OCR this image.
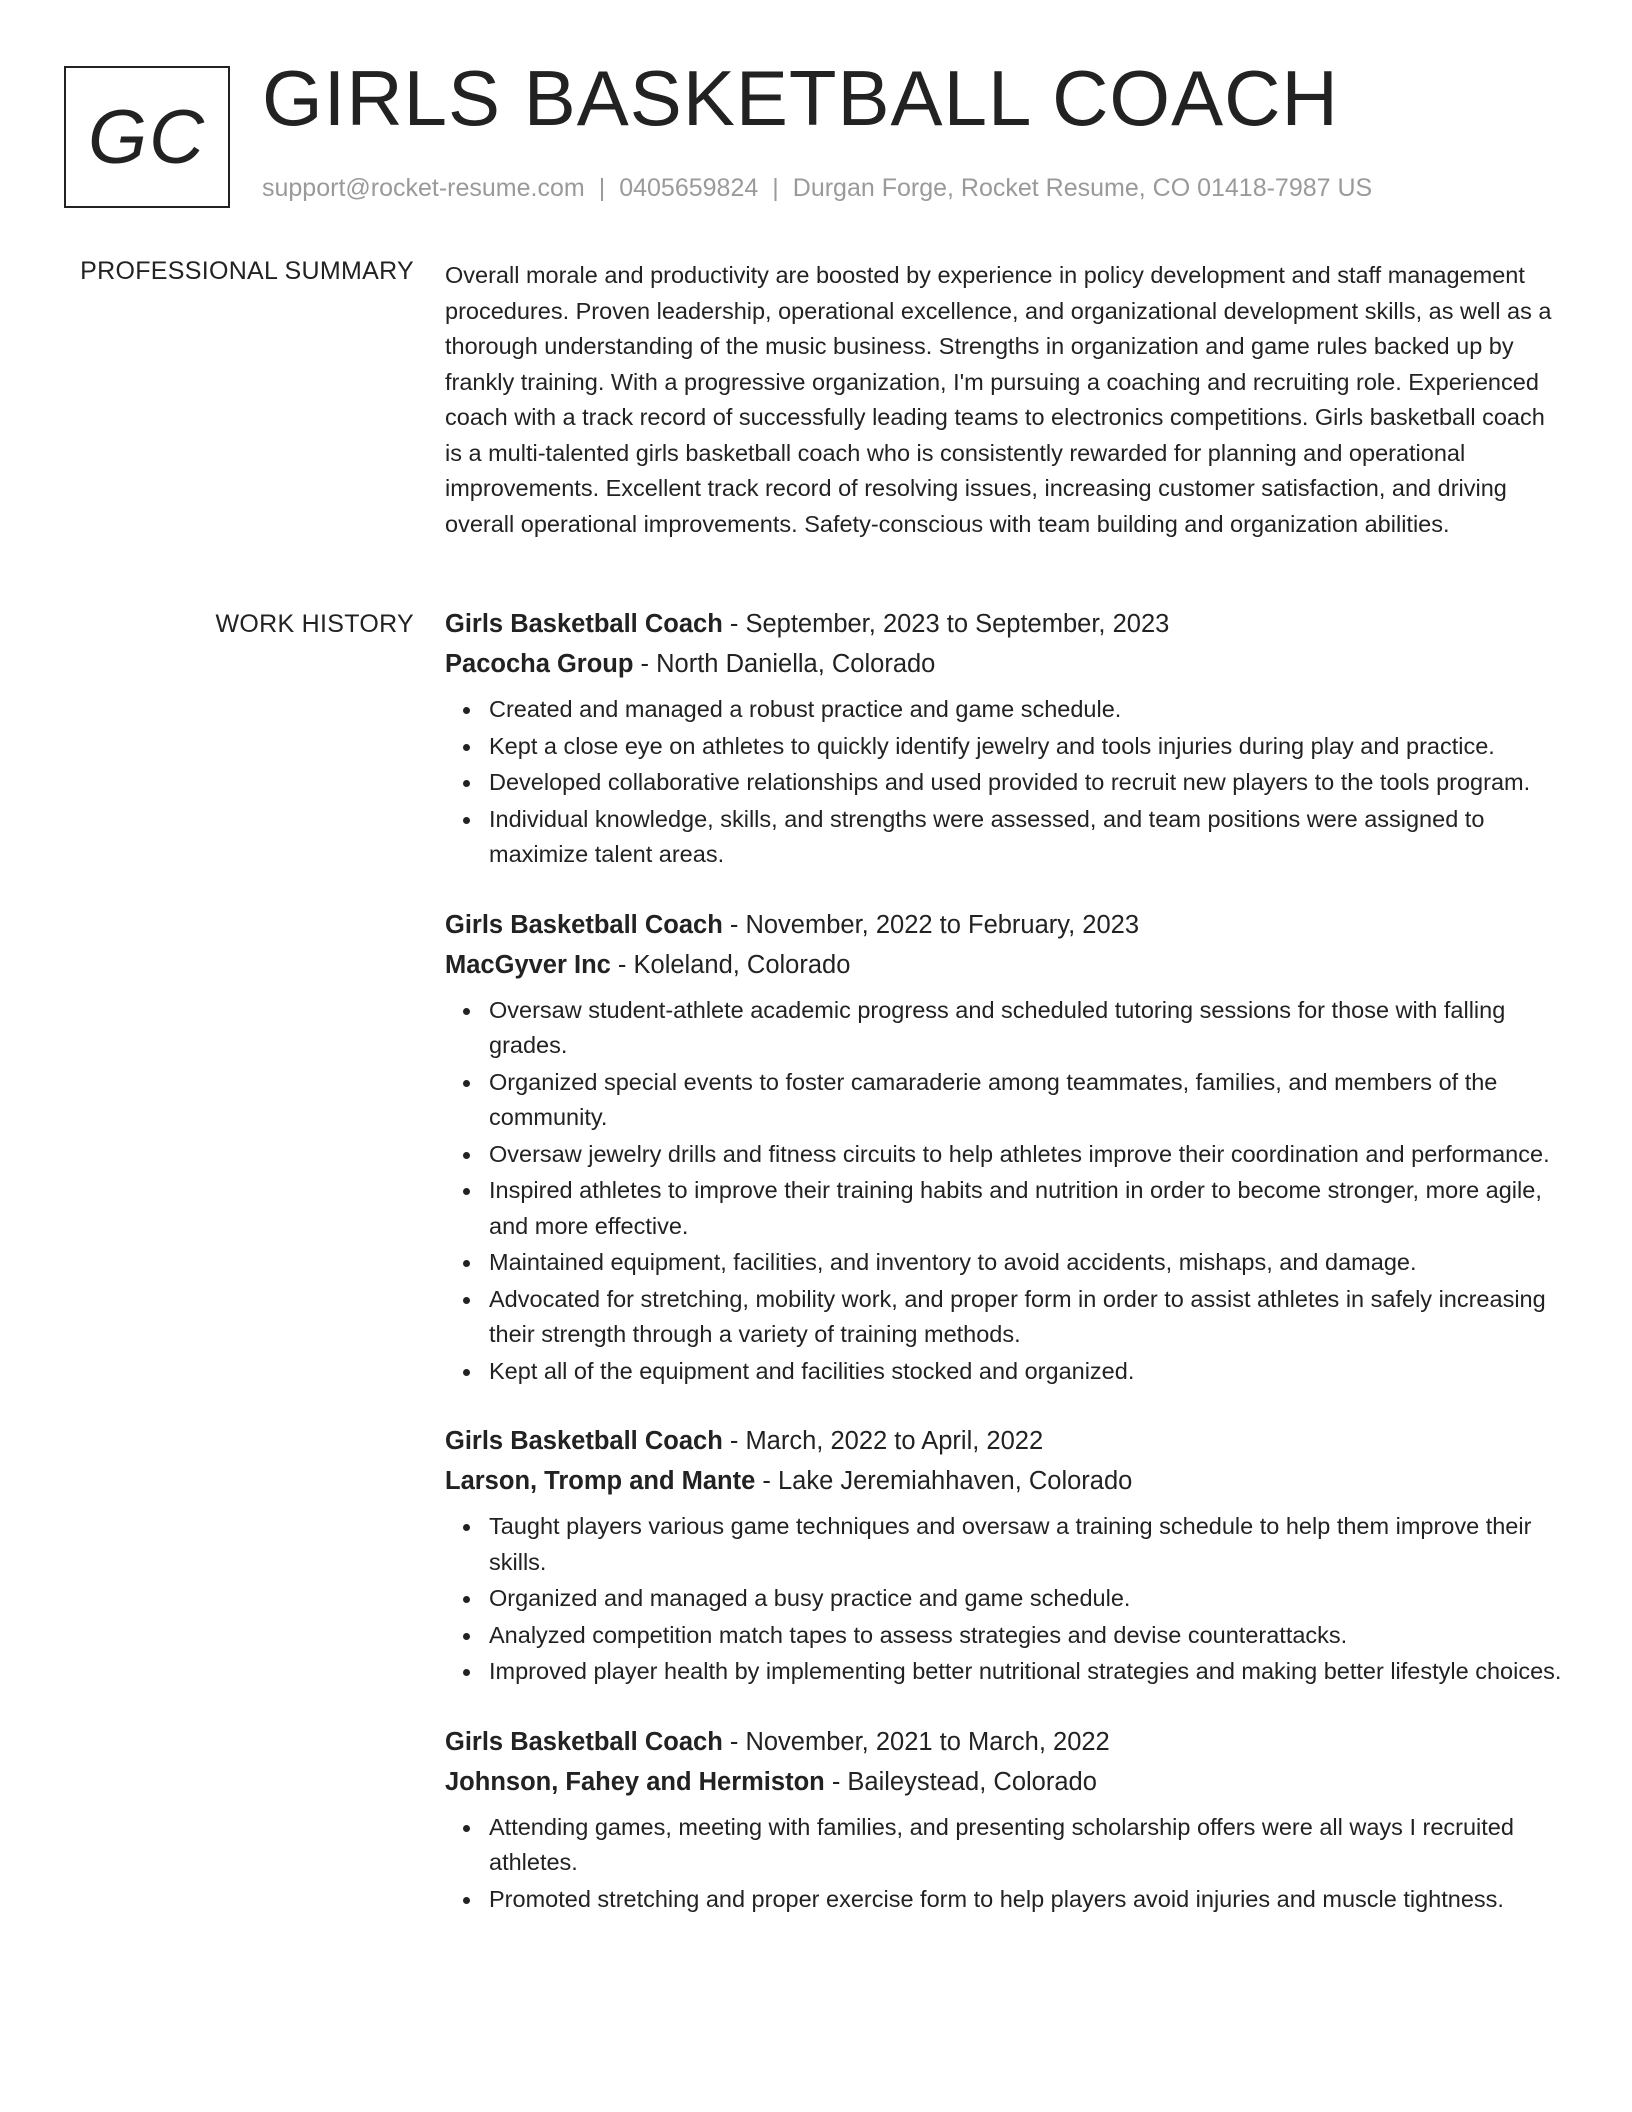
GC GIRLS BASKETBALL COACH
support@rocket-resume.com | 0405659824 | Durgan Forge, Rocket Resume, CO 01418-7987 US
PROFESSIONAL SUMMARY Overall morale and productivity are boosted by experience in policy development and staff management procedures. Proven leadership, operational excellence, and organizational development skills, as well as a thorough understanding of the music business. Strengths in organization and game rules backed up by frankly training. With a progressive organization, I'm pursuing a coaching and recruiting role. Experienced coach with a track record of successfully leading teams to electronics competitions. Girls basketball coach is a multi-talented girls basketball coach who is consistently rewarded for planning and operational improvements. Excellent track record of resolving issues, increasing customer satisfaction, and driving overall operational improvements. Safety-conscious with team building and organization abilities.

WORK HISTORY Girls Basketball Coach - September, 2023 to September, 2023
Pacocha Group - North Daniella, Colorado
Created and managed a robust practice and game schedule.
Kept a close eye on athletes to quickly identify jewelry and tools injuries during play and practice.
Developed collaborative relationships and used provided to recruit new players to the tools program.
Individual knowledge, skills, and strengths were assessed, and team positions were assigned to maximize talent areas.
Girls Basketball Coach - November, 2022 to February, 2023
MacGyver Inc - Koleland, Colorado
Oversaw student-athlete academic progress and scheduled tutoring sessions for those with falling grades.
Organized special events to foster camaraderie among teammates, families, and members of the community.
Oversaw jewelry drills and fitness circuits to help athletes improve their coordination and performance.
Inspired athletes to improve their training habits and nutrition in order to become stronger, more agile, and more effective.
Maintained equipment, facilities, and inventory to avoid accidents, mishaps, and damage.
Advocated for stretching, mobility work, and proper form in order to assist athletes in safely increasing their strength through a variety of training methods.
Kept all of the equipment and facilities stocked and organized.
Girls Basketball Coach - March, 2022 to April, 2022
Larson, Tromp and Mante - Lake Jeremiahhaven, Colorado
Taught players various game techniques and oversaw a training schedule to help them improve their skills.
Organized and managed a busy practice and game schedule.
Analyzed competition match tapes to assess strategies and devise counterattacks.
Improved player health by implementing better nutritional strategies and making better lifestyle choices.
Girls Basketball Coach - November, 2021 to March, 2022
Johnson, Fahey and Hermiston - Baileystead, Colorado
Attending games, meeting with families, and presenting scholarship offers were all ways I recruited athletes.
Promoted stretching and proper exercise form to help players avoid injuries and muscle tightness.
